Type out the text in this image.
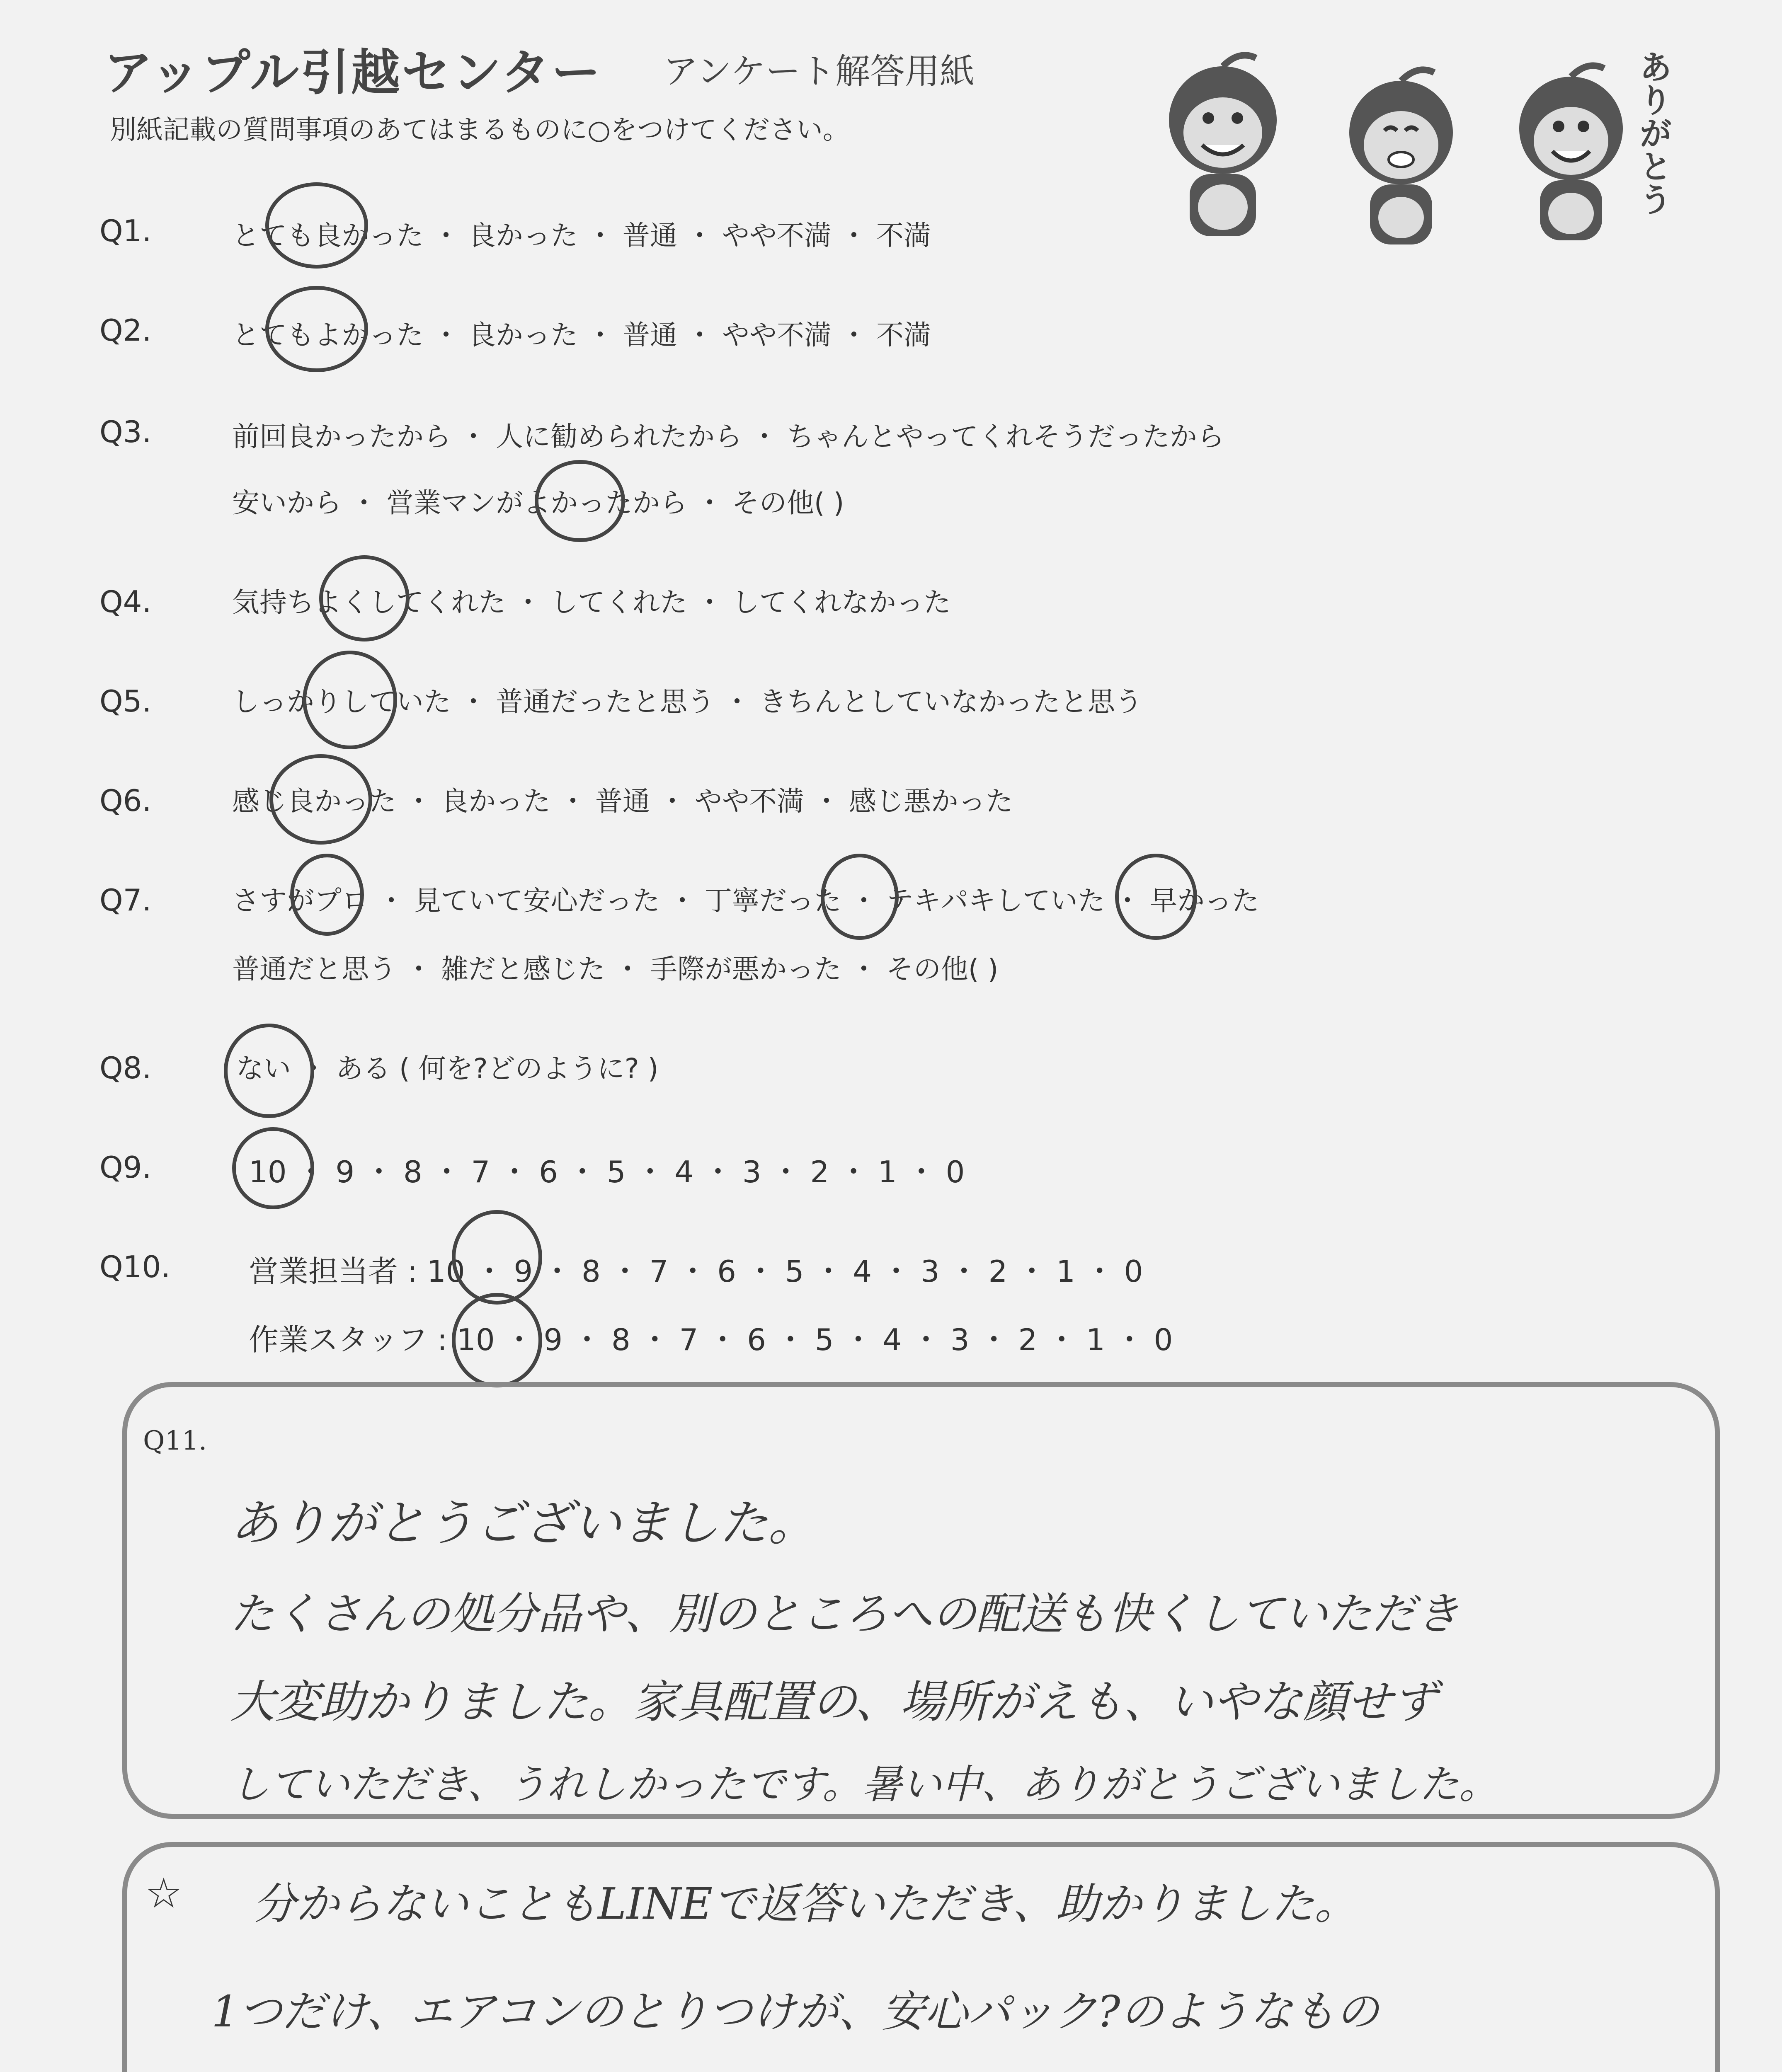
アップル引越センター アンケート解答用紙
別紙記載の質問事項のあてはまるものに○をつけてください。	ありがとう
Q1.	とても良かった ・ 良かった ・ 普通 ・ やや不満 ・ 不満
Q2.	とてもよかった ・ 良かった ・ 普通 ・ やや不満 ・ 不満
Q3.	前回良かったから ・ 人に勧められたから ・ ちゃんとやってくれそうだったから
安いから ・ 営業マンがよかったから ・ その他( )
Q4.	気持ちよくしてくれた ・ してくれた ・ してくれなかった
Q5.	しっかりしていた ・ 普通だったと思う ・ きちんとしていなかったと思う
Q6.	感じ良かった ・ 良かった ・ 普通 ・ やや不満 ・ 感じ悪かった
Q7.	さすがプロ ・ 見ていて安心だった ・ 丁寧だった ・ テキパキしていた ・ 早かった
普通だと思う ・ 雑だと感じた ・ 手際が悪かった ・ その他( )
Q8.	ない ・ ある ( 何を?どのように? )
Q9.	10 ・ 9 ・ 8 ・ 7 ・ 6 ・ 5 ・ 4 ・ 3 ・ 2 ・ 1 ・ 0
Q10.	営業担当者 : 10 ・ 9 ・ 8 ・ 7 ・ 6 ・ 5 ・ 4 ・ 3 ・ 2 ・ 1 ・ 0
作業スタッフ : 10 ・ 9 ・ 8 ・ 7 ・ 6 ・ 5 ・ 4 ・ 3 ・ 2 ・ 1 ・ 0
Q11.
ありがとうございました。
たくさんの処分品や、別のところへの配送も快くしていただき
大変助かりました。家具配置の、場所がえも、いやな顔せず
していただき、うれしかったです。暑い中、ありがとうございました。
☆ 分からないこともLINEで返答いただき、助かりました。
1つだけ、エアコンのとりつけが、安心パック?のようなもの
